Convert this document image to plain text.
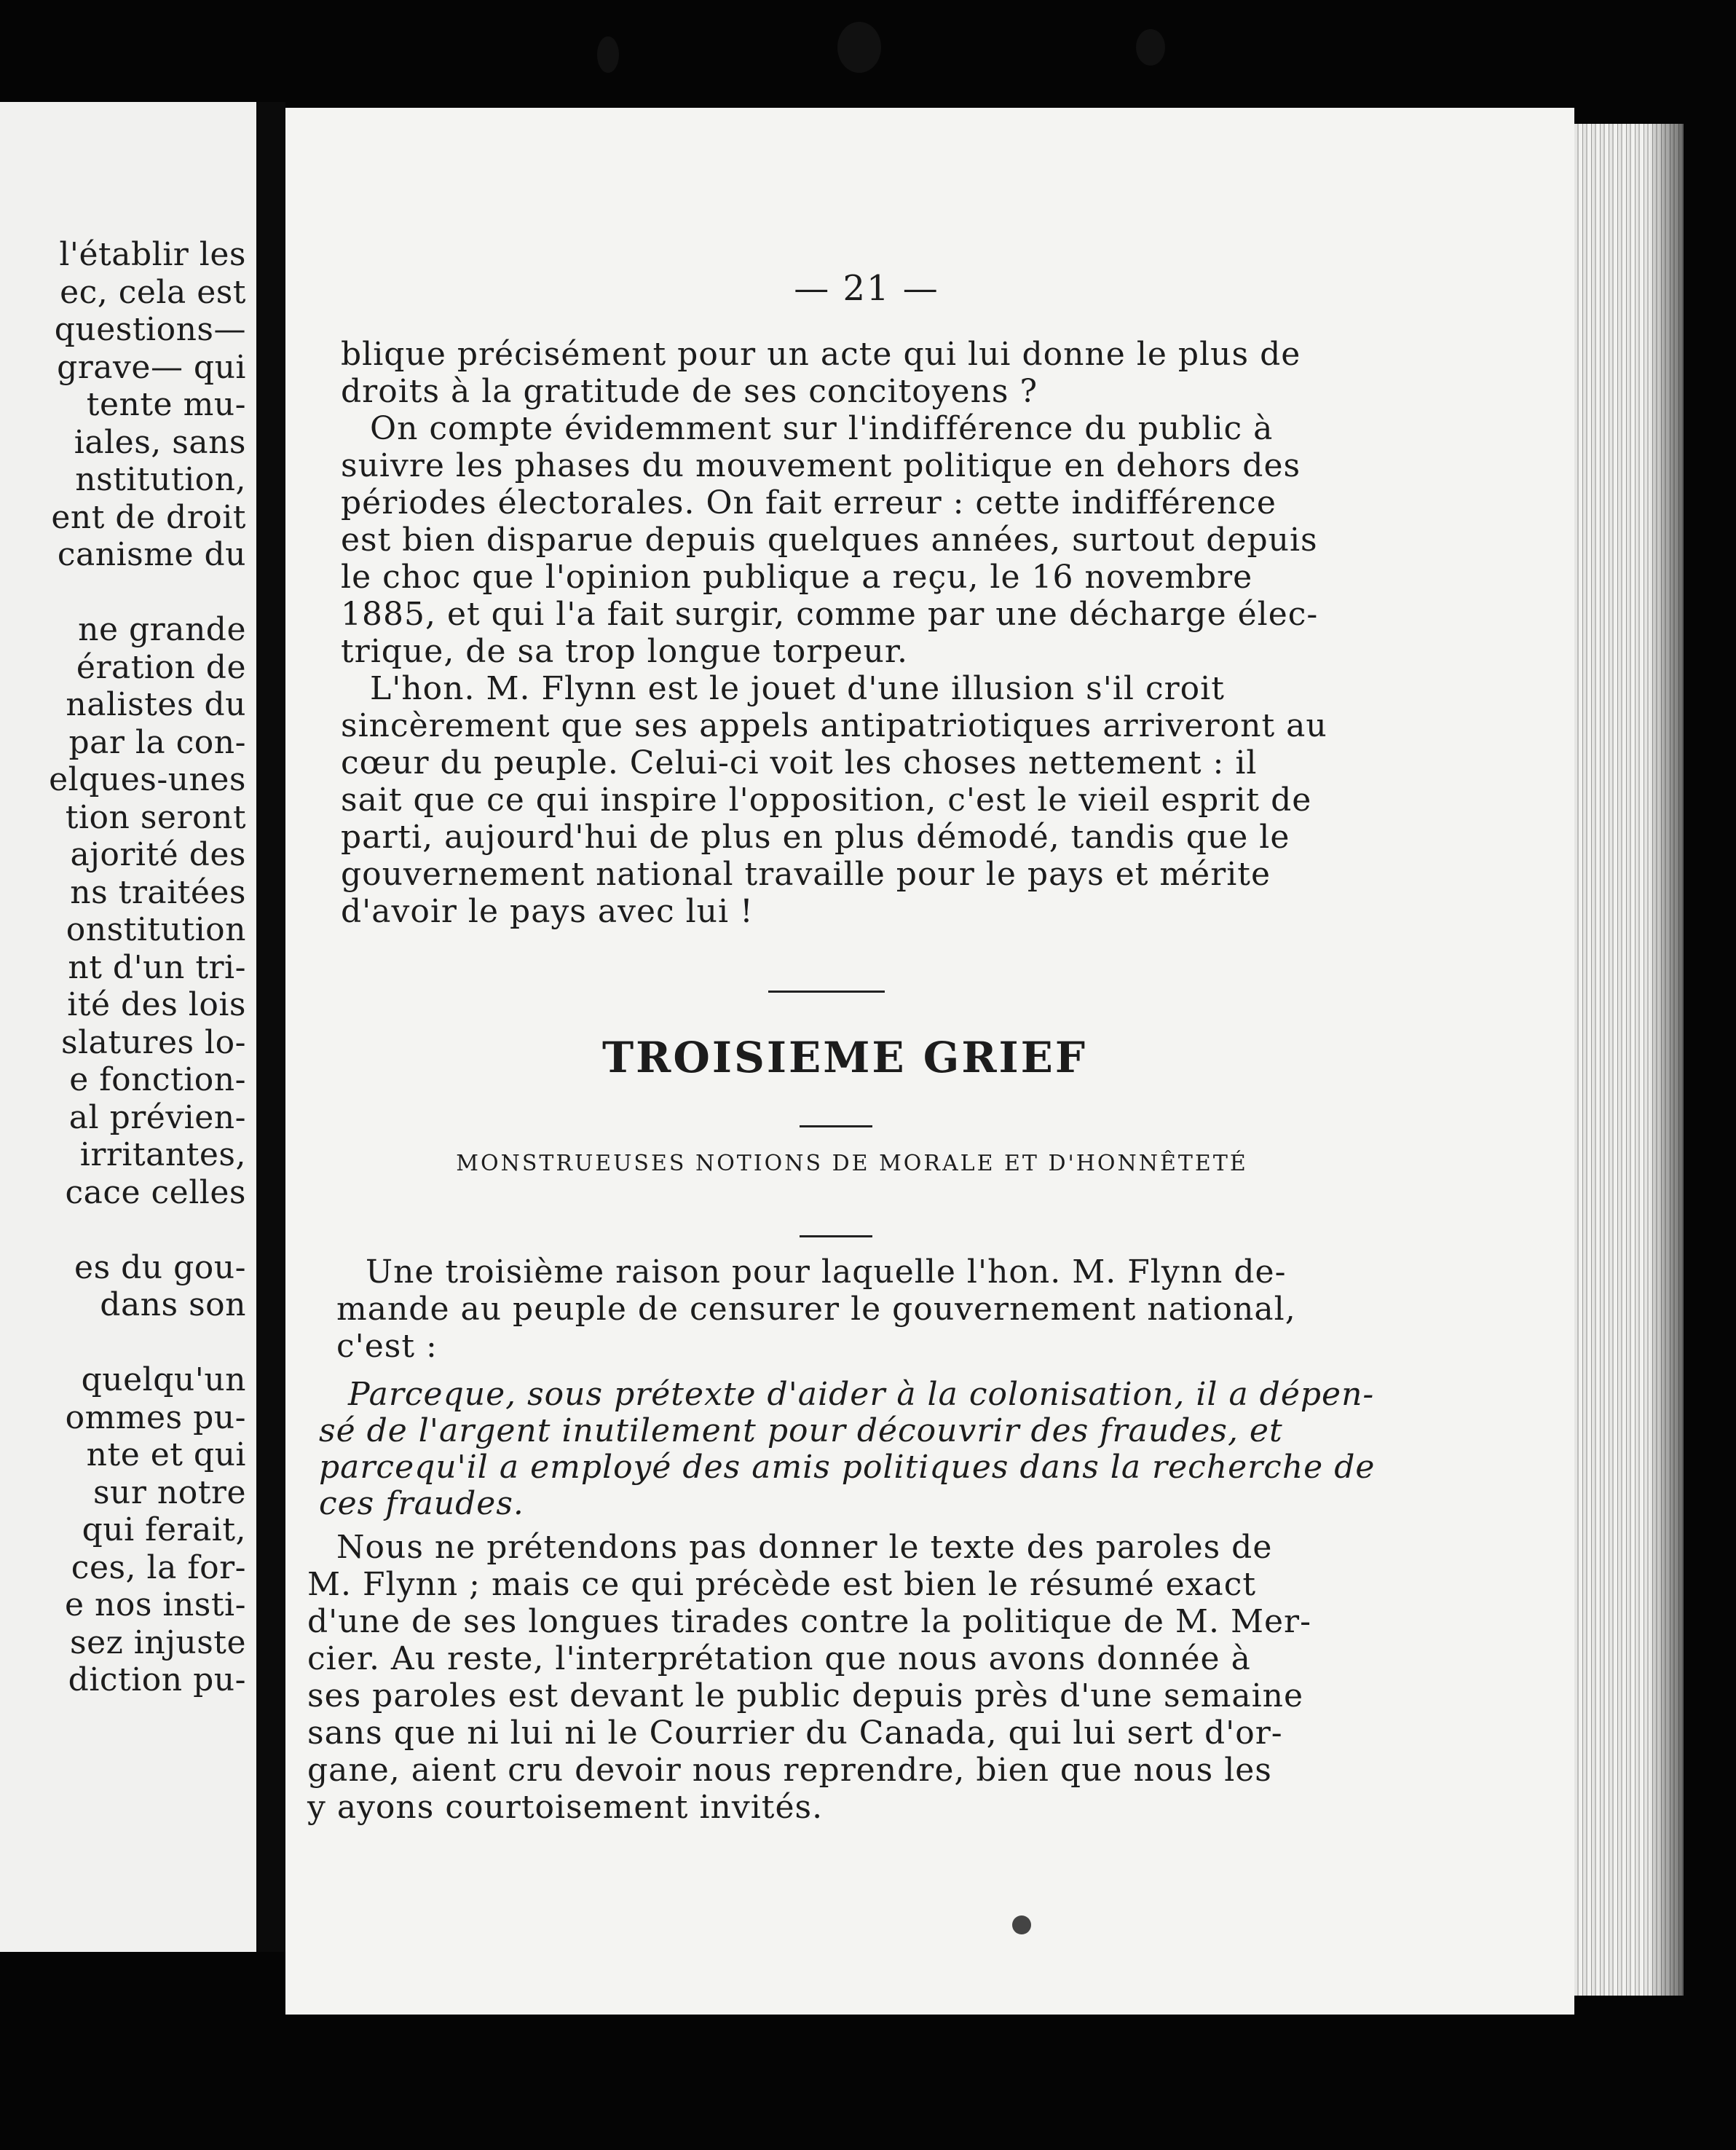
l'établir les
ec, cela est
questions—
grave— qui
tente mu-
iales, sans
nstitution,
ent de droit
canisme du
ne grande
ération de
nalistes du
par la con-
elques-unes
tion seront
ajorité des
ns traitées
onstitution
nt d'un tri-
ité des lois
slatures lo-
e fonction-
al prévien-
irritantes,
cace celles
es du gou-
dans son
quelqu'un
ommes pu-
nte et qui
sur notre
qui ferait,
ces, la for-
e nos insti-
sez injuste
diction pu-
— 21 —
blique précisément pour un acte qui lui donne le plus de
droits à la gratitude de ses concitoyens ?
On compte évidemment sur l'indifférence du public à
suivre les phases du mouvement politique en dehors des
périodes électorales. On fait erreur : cette indifférence
est bien disparue depuis quelques années, surtout depuis
le choc que l'opinion publique a reçu, le 16 novembre
1885, et qui l'a fait surgir, comme par une décharge élec-
trique, de sa trop longue torpeur.
L'hon. M. Flynn est le jouet d'une illusion s'il croit
sincèrement que ses appels antipatriotiques arriveront au
cœur du peuple. Celui-ci voit les choses nettement : il
sait que ce qui inspire l'opposition, c'est le vieil esprit de
parti, aujourd'hui de plus en plus démodé, tandis que le
gouvernement national travaille pour le pays et mérite
d'avoir le pays avec lui !
TROISIEME GRIEF
MONSTRUEUSES NOTIONS DE MORALE ET D'HONNÊTETÉ
Une troisième raison pour laquelle l'hon. M. Flynn de-
mande au peuple de censurer le gouvernement national,
c'est :
Parceque, sous prétexte d'aider à la colonisation, il a dépen-
sé de l'argent inutilement pour découvrir des fraudes, et
parcequ'il a employé des amis politiques dans la recherche de
ces fraudes.
Nous ne prétendons pas donner le texte des paroles de
M. Flynn ; mais ce qui précède est bien le résumé exact
d'une de ses longues tirades contre la politique de M. Mer-
cier. Au reste, l'interprétation que nous avons donnée à
ses paroles est devant le public depuis près d'une semaine
sans que ni lui ni le Courrier du Canada, qui lui sert d'or-
gane, aient cru devoir nous reprendre, bien que nous les
y ayons courtoisement invités.
